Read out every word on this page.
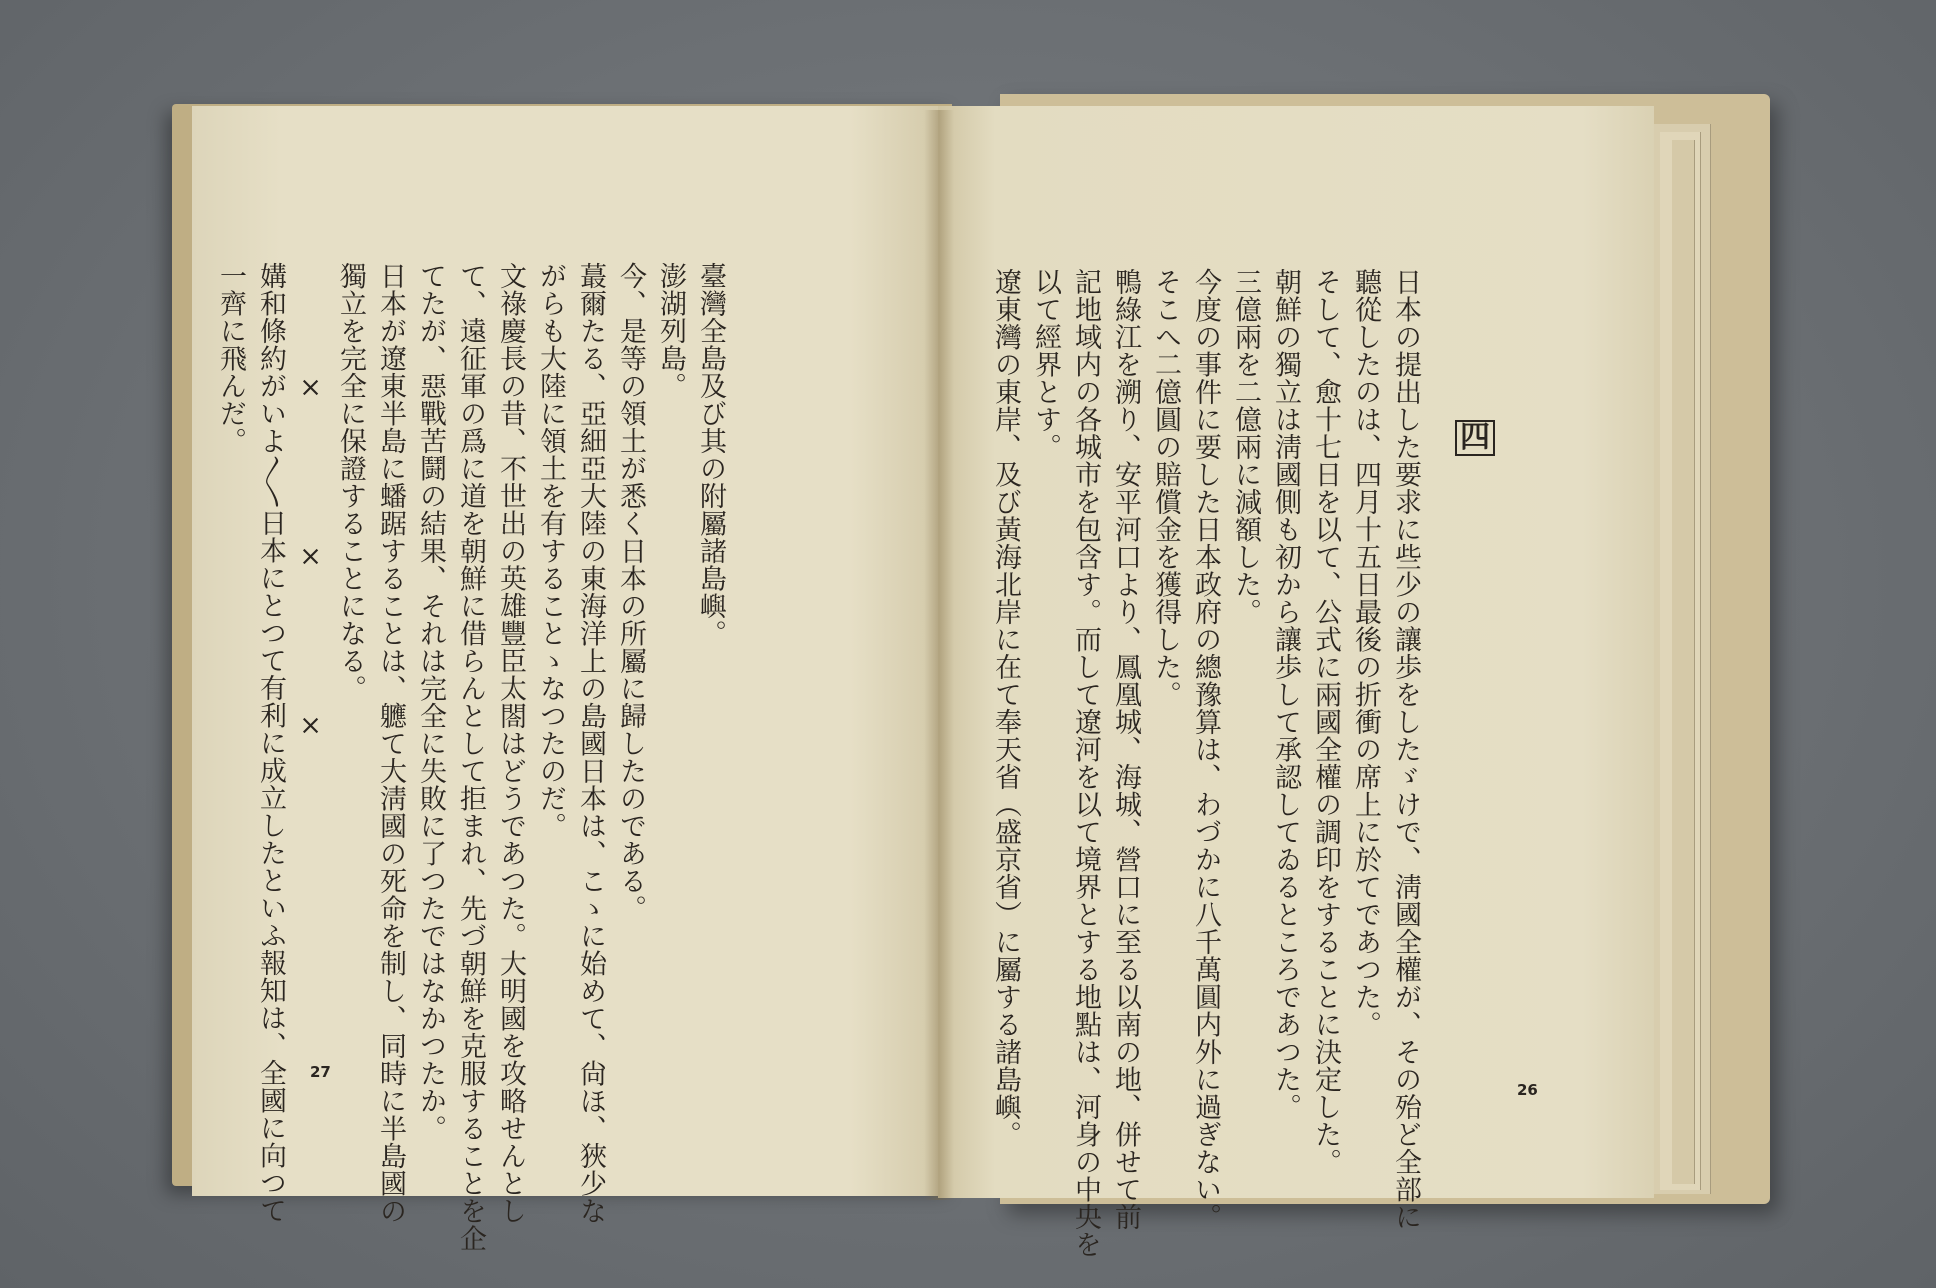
臺灣全島及び其の附屬諸島嶼。
澎湖列島。
今、是等の領土が悉く日本の所屬に歸したのである。
蕞爾たる、亞細亞大陸の東海洋上の島國日本は、こゝに始めて、尙ほ、狹少な
がらも大陸に領土を有することゝなつたのだ。
文祿慶長の昔、不世出の英雄豐臣太閤はどうであつた。大明國を攻略せんとし
て、遠征軍の爲に道を朝鮮に借らんとして拒まれ、先づ朝鮮を克服することを企
てたが、惡戰苦鬪の結果、それは完全に失敗に了つたではなかつたか。
日本が遼東半島に蟠踞することは、軈て大淸國の死命を制し、同時に半島國の
獨立を完全に保證することになる。
　　　　×　　　　　×　　　　　×
媾和條約がいよ〳〵日本にとつて有利に成立したといふ報知は、全國に向つて
一齊に飛んだ。	四
日本の提出した要求に些少の讓歩をしたゞけで、淸國全權が、その殆ど全部に
聽從したのは、四月十五日最後の折衝の席上に於てであつた。
そして、愈十七日を以て、公式に兩國全權の調印をすることに決定した。
朝鮮の獨立は淸國側も初から讓歩して承認してゐるところであつた。
三億兩を二億兩に減額した。
今度の事件に要した日本政府の總豫算は、わづかに八千萬圓内外に過ぎない。
そこへ二億圓の賠償金を獲得した。
鴨綠江を溯り、安平河口より、鳳凰城、海城、營口に至る以南の地、併せて前
記地域内の各城市を包含す。而して遼河を以て境界とする地點は、河身の中央を
以て經界とす。
遼東灣の東岸、及び黃海北岸に在て奉天省（盛京省）に屬する諸島嶼。
27
26
